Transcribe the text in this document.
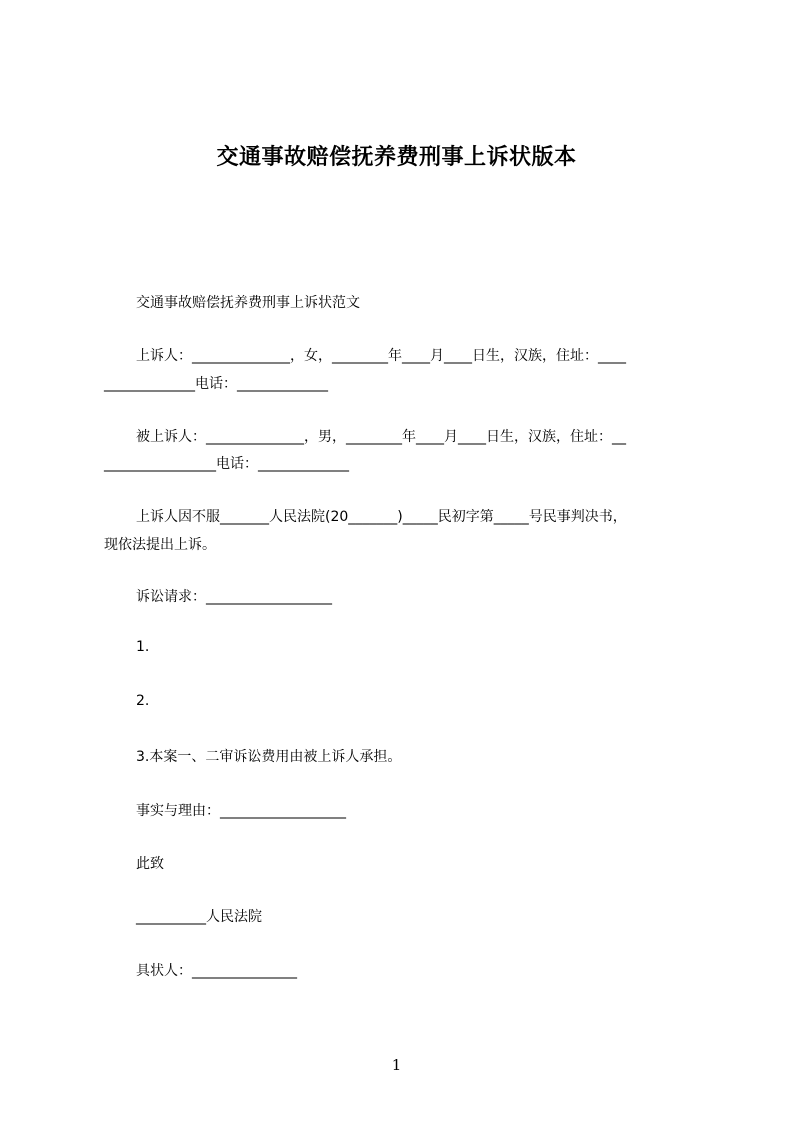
交通事故赔偿抚养费刑事上诉状版本
交通事故赔偿抚养费刑事上诉状范文
上诉人：______________，女，________年____月____日生，汉族，住址：____
_____________电话：_____________
被上诉人：______________，男，________年____月____日生，汉族，住址：__
________________电话：_____________
上诉人因不服_______人民法院(20_______)_____民初字第_____号民事判决书，
现依法提出上诉。
诉讼请求：__________________
1.
2.
3.本案一、二审诉讼费用由被上诉人承担。
事实与理由：__________________
此致
__________人民法院
具状人：_______________
1
